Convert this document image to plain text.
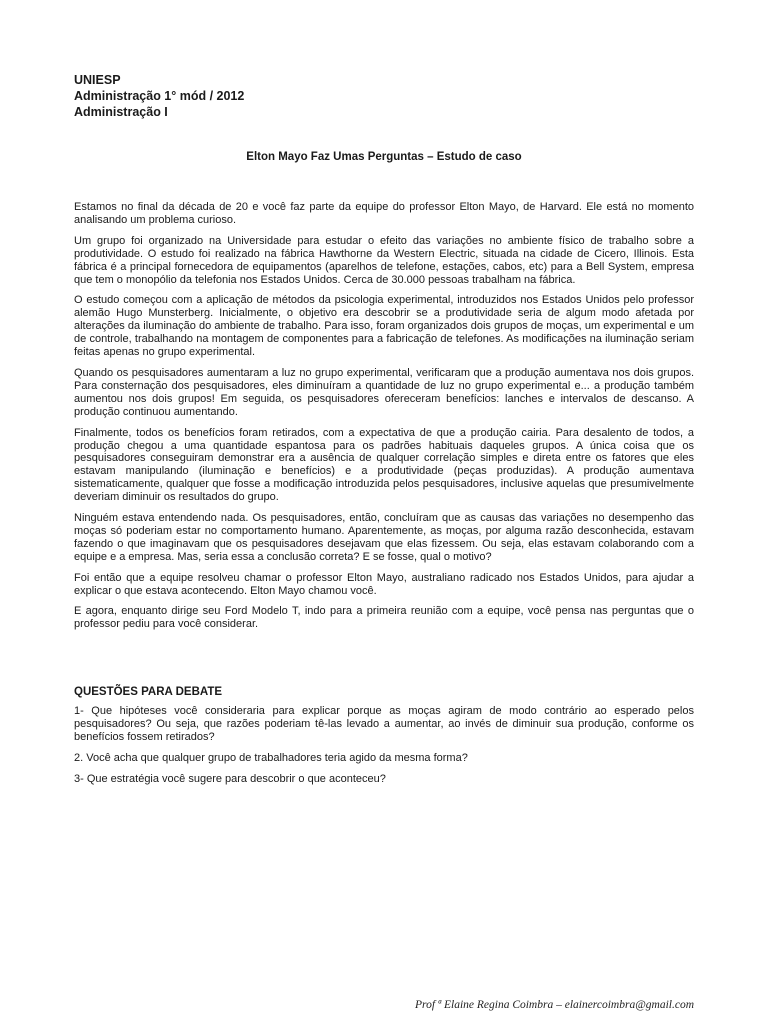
UNIESP
Administração 1° mód / 2012
Administração I
Elton Mayo Faz Umas Perguntas – Estudo de caso

Estamos no final da década de 20 e você faz parte da equipe do professor Elton Mayo, de Harvard. Ele está no momento analisando um problema curioso.

Um grupo foi organizado na Universidade para estudar o efeito das variações no ambiente físico de trabalho sobre a produtividade. O estudo foi realizado na fábrica Hawthorne da Western Electric, situada na cidade de Cicero, Illinois. Esta fábrica é a principal fornecedora de equipamentos (aparelhos de telefone, estações, cabos, etc) para a Bell System, empresa que tem o monopólio da telefonia nos Estados Unidos. Cerca de 30.000 pessoas trabalham na fábrica.

O estudo começou com a aplicação de métodos da psicologia experimental, introduzidos nos Estados Unidos pelo professor alemão Hugo Munsterberg. Inicialmente, o objetivo era descobrir se a produtividade seria de algum modo afetada por alterações da iluminação do ambiente de trabalho. Para isso, foram organizados dois grupos de moças, um experimental e um de controle, trabalhando na montagem de componentes para a fabricação de telefones. As modificações na iluminação seriam feitas apenas no grupo experimental.

Quando os pesquisadores aumentaram a luz no grupo experimental, verificaram que a produção aumentava nos dois grupos. Para consternação dos pesquisadores, eles diminuíram a quantidade de luz no grupo experimental e... a produção também aumentou nos dois grupos! Em seguida, os pesquisadores ofereceram benefícios: lanches e intervalos de descanso. A produção continuou aumentando.

Finalmente, todos os benefícios foram retirados, com a expectativa de que a produção cairia. Para desalento de todos, a produção chegou a uma quantidade espantosa para os padrões habituais daqueles grupos. A única coisa que os pesquisadores conseguiram demonstrar era a ausência de qualquer correlação simples e direta entre os fatores que eles estavam manipulando (iluminação e benefícios) e a produtividade (peças produzidas). A produção aumentava sistematicamente, qualquer que fosse a modificação introduzida pelos pesquisadores, inclusive aquelas que presumivelmente deveriam diminuir os resultados do grupo.

Ninguém estava entendendo nada. Os pesquisadores, então, concluíram que as causas das variações no desempenho das moças só poderiam estar no comportamento humano. Aparentemente, as moças, por alguma razão desconhecida, estavam fazendo o que imaginavam que os pesquisadores desejavam que elas fizessem. Ou seja, elas estavam colaborando com a equipe e a empresa. Mas, seria essa a conclusão correta? E se fosse, qual o motivo?

Foi então que a equipe resolveu chamar o professor Elton Mayo, australiano radicado nos Estados Unidos, para ajudar a explicar o que estava acontecendo. Elton Mayo chamou você.

E agora, enquanto dirige seu Ford Modelo T, indo para a primeira reunião com a equipe, você pensa nas perguntas que o professor pediu para você considerar.

QUESTÕES PARA DEBATE

1- Que hipóteses você consideraria para explicar porque as moças agiram de modo contrário ao esperado pelos pesquisadores? Ou seja, que razões poderiam tê-las levado a aumentar, ao invés de diminuir sua produção, conforme os benefícios fossem retirados?

2. Você acha que qualquer grupo de trabalhadores teria agido da mesma forma?

3- Que estratégia você sugere para descobrir o que aconteceu?

Prof ª Elaine Regina Coimbra – elainercoimbra@gmail.com
